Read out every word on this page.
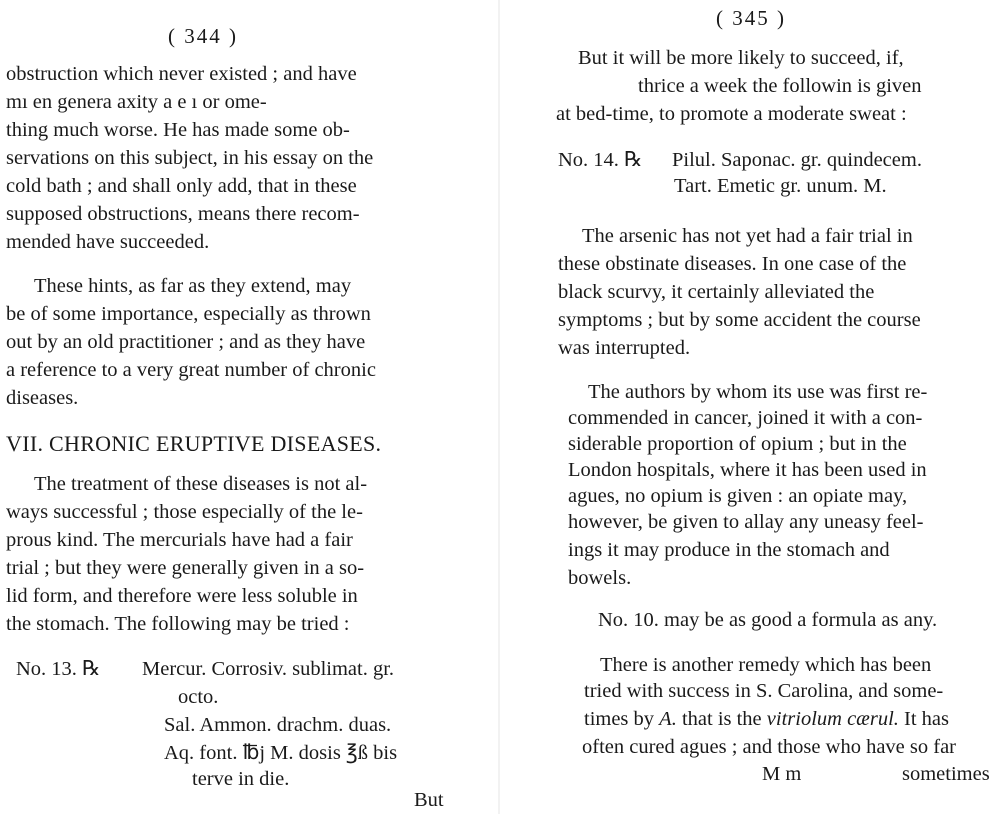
( 344 )
obstruction which never existed ; and have
mı en genera axity a e ı or ome-
thing much worse. He has made some ob-
servations on this subject, in his essay on the
cold bath ; and shall only add, that in these
supposed obstructions, means there recom-
mended have succeeded.
These hints, as far as they extend, may
be of some importance, especially as thrown
out by an old practitioner ; and as they have
a reference to a very great number of chronic
diseases.
VII. CHRONIC ERUPTIVE DISEASES.
The treatment of these diseases is not al-
ways successful ; those especially of the le-
prous kind. The mercurials have had a fair
trial ; but they were generally given in a so-
lid form, and therefore were less soluble in
the stomach. The following may be tried :
No. 13. ℞ Mercur. Corrosiv. sublimat. gr.
octo.
Sal. Ammon. drachm. duas.
Aq. font. ℔j M. dosis ℥ß bis
terve in die.
But
( 345 )
But it will be more likely to succeed, if,
thrice a week the followin is given
at bed-time, to promote a moderate sweat :
No. 14. ℞ Pilul. Saponac. gr. quindecem.
Tart. Emetic gr. unum. M.
The arsenic has not yet had a fair trial in
these obstinate diseases. In one case of the
black scurvy, it certainly alleviated the
symptoms ; but by some accident the course
was interrupted.
The authors by whom its use was first re-
commended in cancer, joined it with a con-
siderable proportion of opium ; but in the
London hospitals, where it has been used in
agues, no opium is given : an opiate may,
however, be given to allay any uneasy feel-
ings it may produce in the stomach and
bowels.
No. 10. may be as good a formula as any.
There is another remedy which has been
tried with success in S. Carolina, and some-
times by A. that is the vitriolum cærul. It has
often cured agues ; and those who have so far
M m	sometimes
